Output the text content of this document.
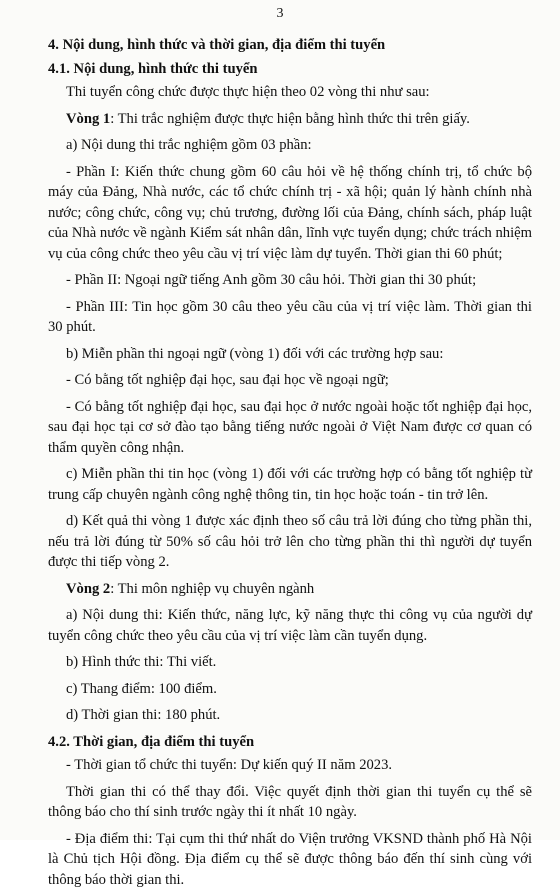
3
4. Nội dung, hình thức và thời gian, địa điểm thi tuyển
4.1. Nội dung, hình thức thi tuyển

Thi tuyển công chức được thực hiện theo 02 vòng thi như sau:

Vòng 1: Thi trắc nghiệm được thực hiện bằng hình thức thi trên giấy.

a) Nội dung thi trắc nghiệm gồm 03 phần:

- Phần I: Kiến thức chung gồm 60 câu hỏi về hệ thống chính trị, tổ chức bộ máy của Đảng, Nhà nước, các tổ chức chính trị - xã hội; quản lý hành chính nhà nước; công chức, công vụ; chủ trương, đường lối của Đảng, chính sách, pháp luật của Nhà nước về ngành Kiểm sát nhân dân, lĩnh vực tuyển dụng; chức trách nhiệm vụ của công chức theo yêu cầu vị trí việc làm dự tuyển. Thời gian thi 60 phút;

- Phần II: Ngoại ngữ tiếng Anh gồm 30 câu hỏi. Thời gian thi 30 phút;

- Phần III: Tin học gồm 30 câu theo yêu cầu của vị trí việc làm. Thời gian thi 30 phút.

b) Miễn phần thi ngoại ngữ (vòng 1) đối với các trường hợp sau:

- Có bằng tốt nghiệp đại học, sau đại học về ngoại ngữ;

- Có bằng tốt nghiệp đại học, sau đại học ở nước ngoài hoặc tốt nghiệp đại học, sau đại học tại cơ sở đào tạo bằng tiếng nước ngoài ở Việt Nam được cơ quan có thẩm quyền công nhận.

c) Miễn phần thi tin học (vòng 1) đối với các trường hợp có bằng tốt nghiệp từ trung cấp chuyên ngành công nghệ thông tin, tin học hoặc toán - tin trở lên.

d) Kết quả thi vòng 1 được xác định theo số câu trả lời đúng cho từng phần thi, nếu trả lời đúng từ 50% số câu hỏi trở lên cho từng phần thi thì người dự tuyển được thi tiếp vòng 2.

Vòng 2: Thi môn nghiệp vụ chuyên ngành

a) Nội dung thi: Kiến thức, năng lực, kỹ năng thực thi công vụ của người dự tuyển công chức theo yêu cầu của vị trí việc làm cần tuyển dụng.

b) Hình thức thi: Thi viết.

c) Thang điểm: 100 điểm.

d) Thời gian thi: 180 phút.

4.2. Thời gian, địa điểm thi tuyển

- Thời gian tổ chức thi tuyển: Dự kiến quý II năm 2023.

Thời gian thi có thể thay đổi. Việc quyết định thời gian thi tuyển cụ thể sẽ thông báo cho thí sinh trước ngày thi ít nhất 10 ngày.

- Địa điểm thi: Tại cụm thi thứ nhất do Viện trưởng VKSND thành phố Hà Nội là Chủ tịch Hội đồng. Địa điểm cụ thể sẽ được thông báo đến thí sinh cùng với thông báo thời gian thi.
